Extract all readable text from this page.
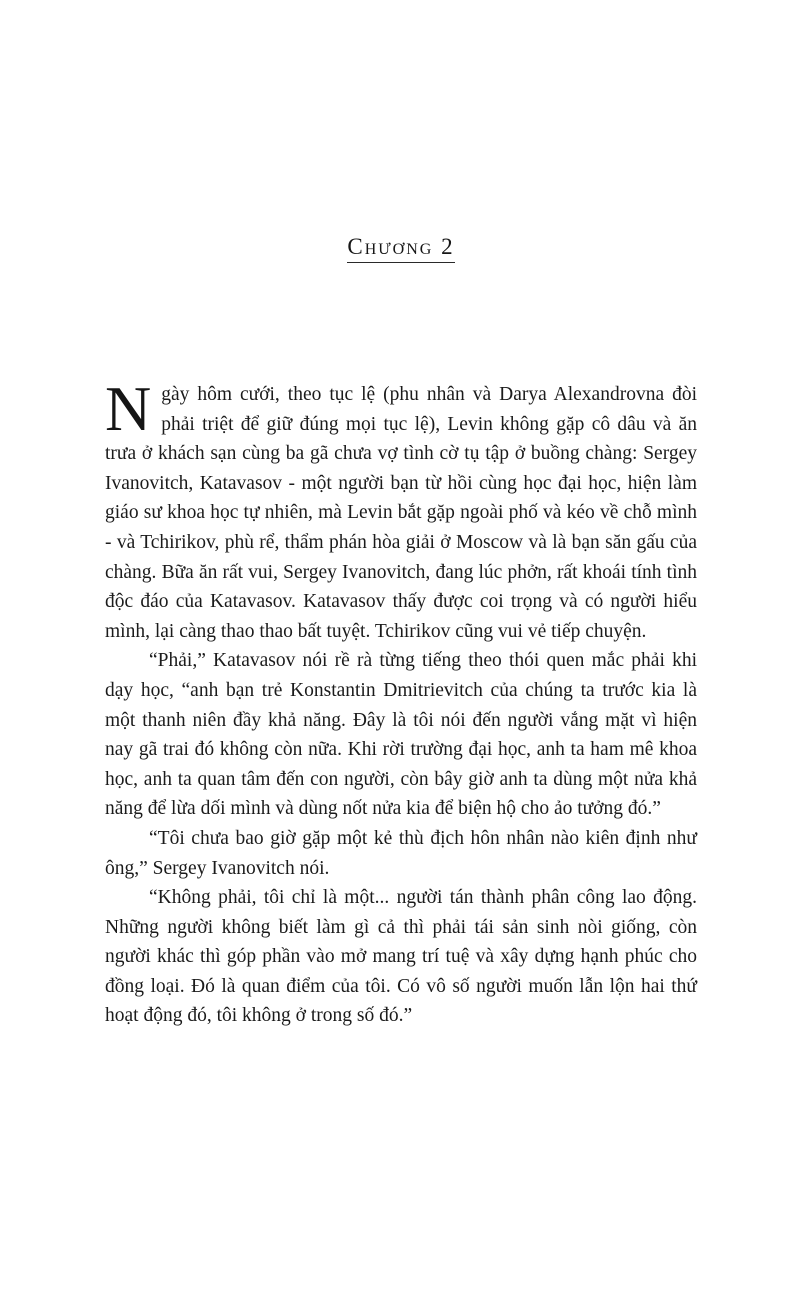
Chương 2

Ngày hôm cưới, theo tục lệ (phu nhân và Darya Alexandrovna đòi phải triệt để giữ đúng mọi tục lệ), Levin không gặp cô dâu và ăn trưa ở khách sạn cùng ba gã chưa vợ tình cờ tụ tập ở buồng chàng: Sergey Ivanovitch, Katavasov - một người bạn từ hồi cùng học đại học, hiện làm giáo sư khoa học tự nhiên, mà Levin bắt gặp ngoài phố và kéo về chỗ mình - và Tchirikov, phù rể, thẩm phán hòa giải ở Moscow và là bạn săn gấu của chàng. Bữa ăn rất vui, Sergey Ivanovitch, đang lúc phởn, rất khoái tính tình độc đáo của Katavasov. Katavasov thấy được coi trọng và có người hiểu mình, lại càng thao thao bất tuyệt. Tchirikov cũng vui vẻ tiếp chuyện.

“Phải,” Katavasov nói rề rà từng tiếng theo thói quen mắc phải khi dạy học, “anh bạn trẻ Konstantin Dmitrievitch của chúng ta trước kia là một thanh niên đầy khả năng. Đây là tôi nói đến người vắng mặt vì hiện nay gã trai đó không còn nữa. Khi rời trường đại học, anh ta ham mê khoa học, anh ta quan tâm đến con người, còn bây giờ anh ta dùng một nửa khả năng để lừa dối mình và dùng nốt nửa kia để biện hộ cho ảo tưởng đó.”

“Tôi chưa bao giờ gặp một kẻ thù địch hôn nhân nào kiên định như ông,” Sergey Ivanovitch nói.

“Không phải, tôi chỉ là một... người tán thành phân công lao động. Những người không biết làm gì cả thì phải tái sản sinh nòi giống, còn người khác thì góp phần vào mở mang trí tuệ và xây dựng hạnh phúc cho đồng loại. Đó là quan điểm của tôi. Có vô số người muốn lẫn lộn hai thứ hoạt động đó, tôi không ở trong số đó.”
